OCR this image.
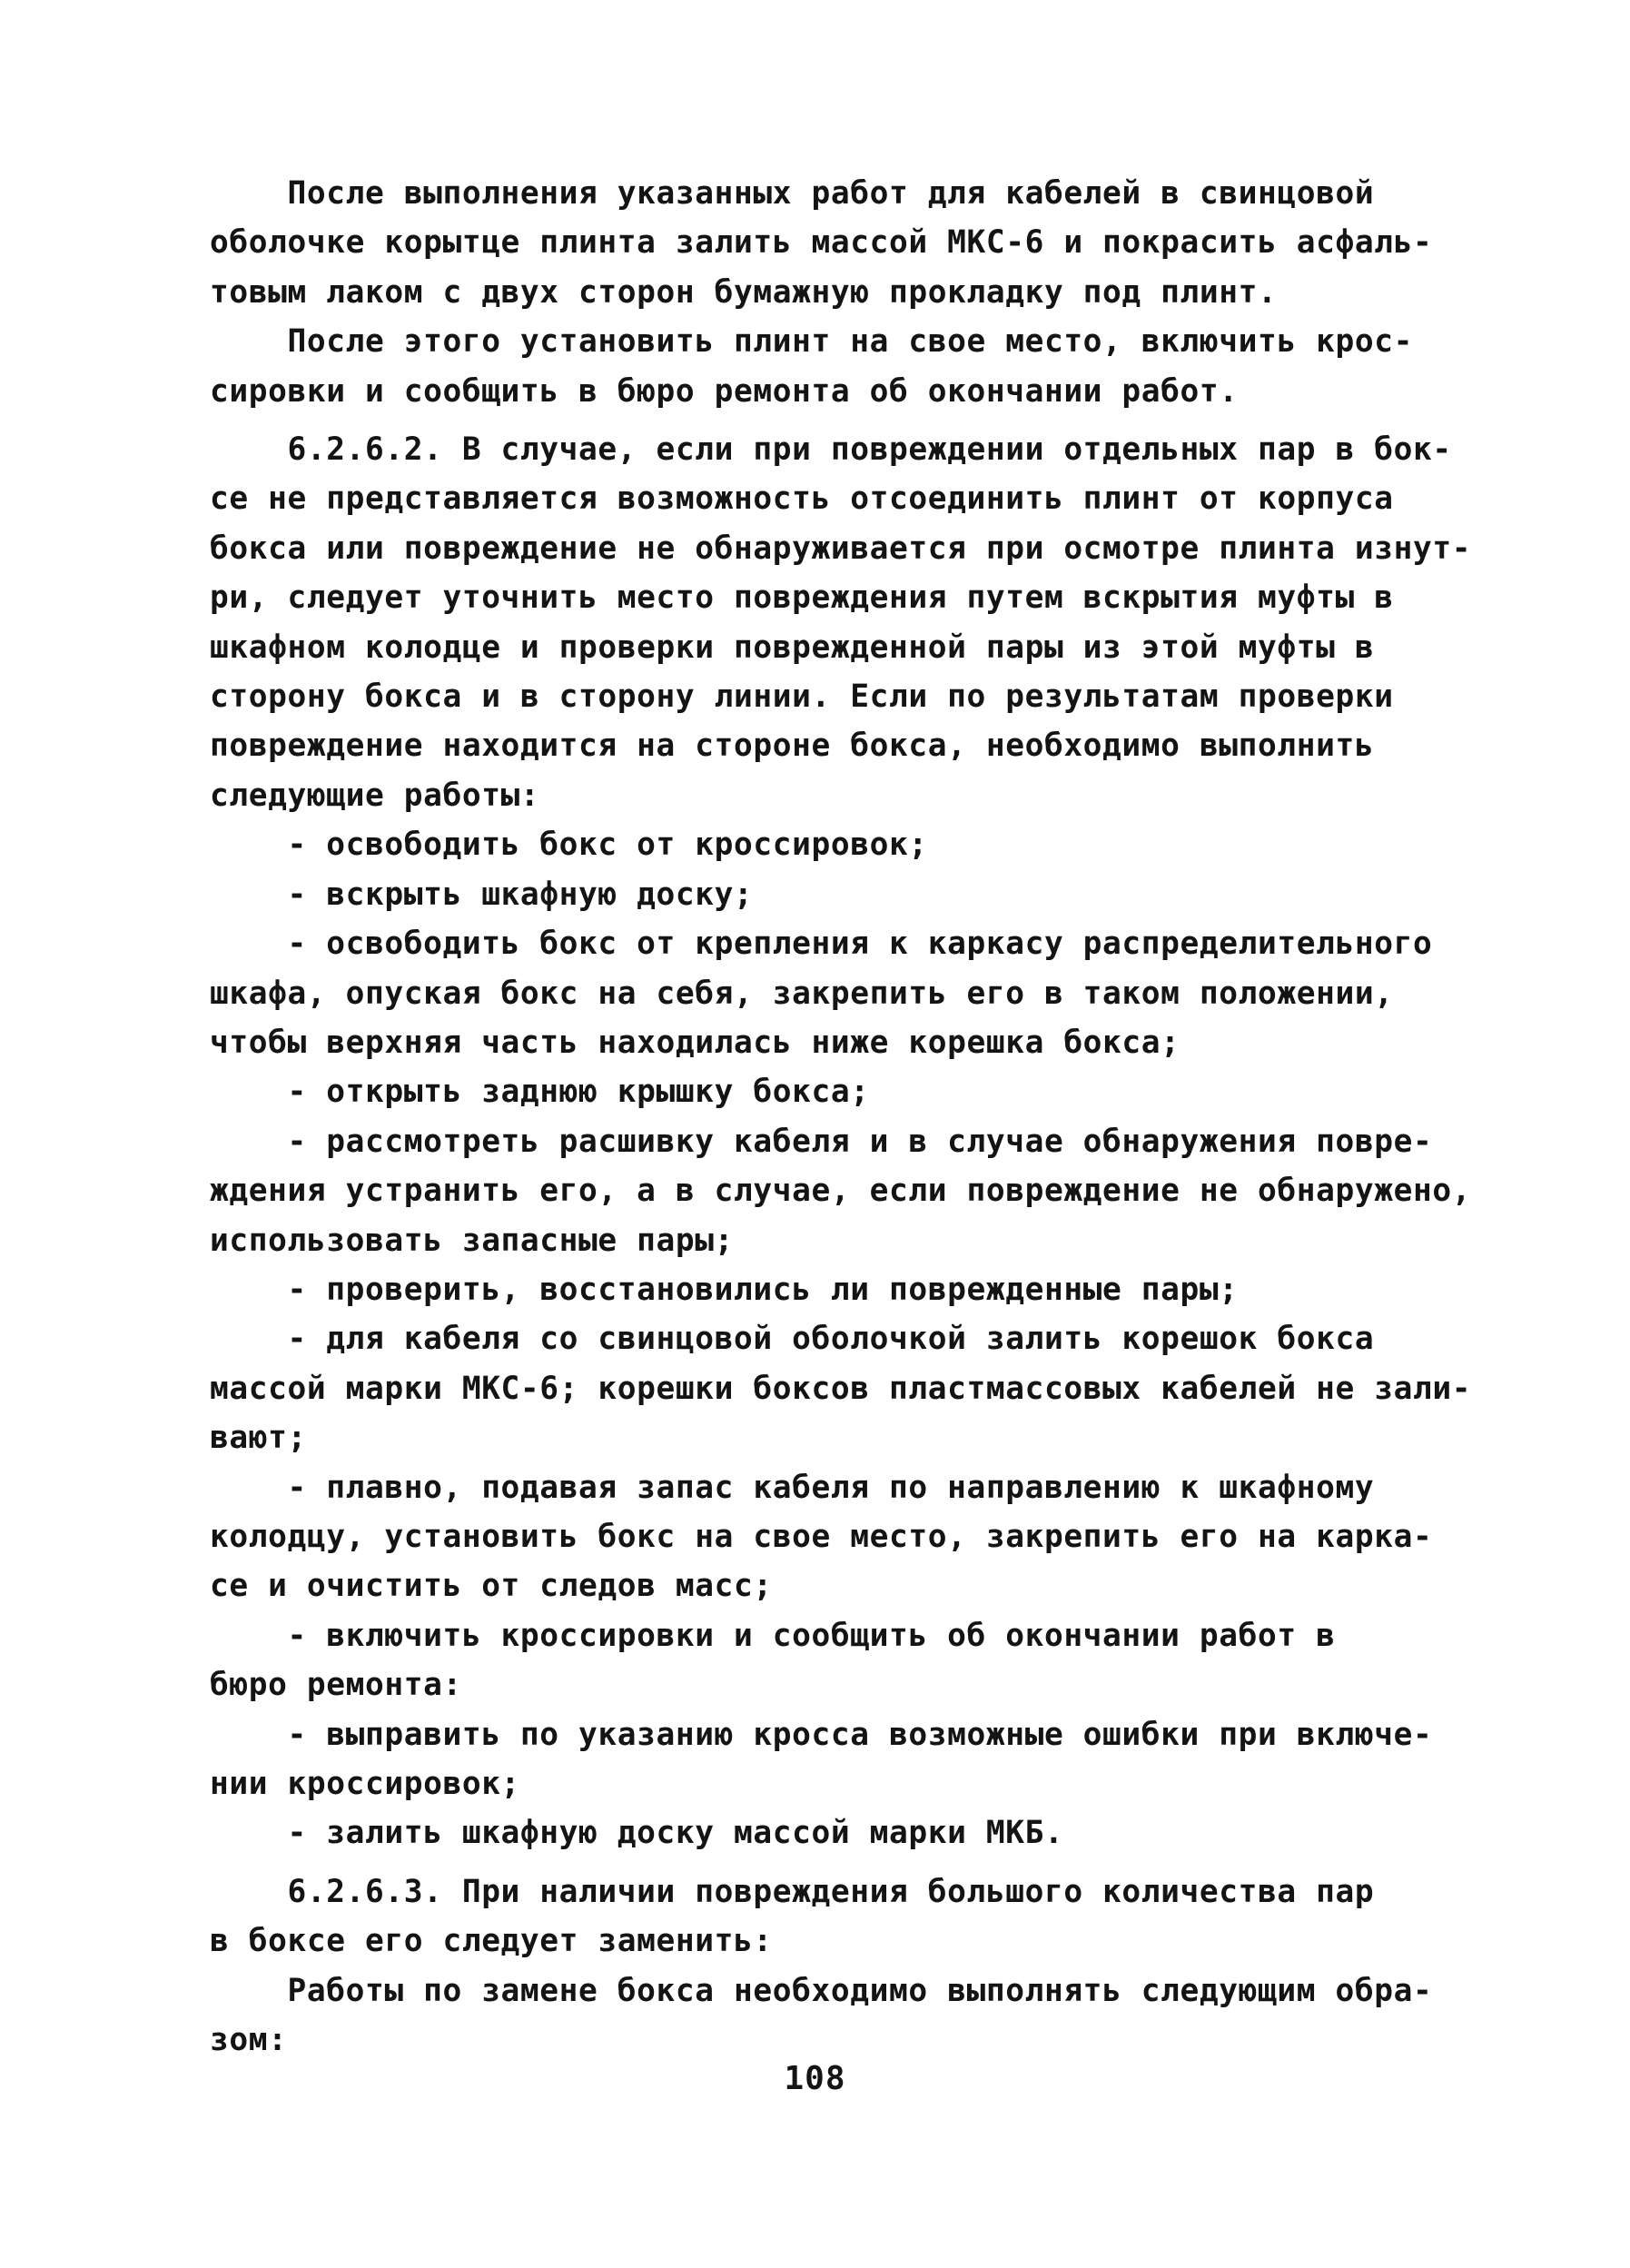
После выполнения указанных работ для кабелей в свинцовой
оболочке корытце плинта залить массой МКС-6 и покрасить асфаль-
товым лаком с двух сторон бумажную прокладку под плинт.
После этого установить плинт на свое место, включить крос-
сировки и сообщить в бюро ремонта об окончании работ.

6.2.6.2. В случае, если при повреждении отдельных пар в бок-
се не представляется возможность отсоединить плинт от корпуса
бокса или повреждение не обнаруживается при осмотре плинта изнут-
ри, следует уточнить место повреждения путем вскрытия муфты в
шкафном колодце и проверки поврежденной пары из этой муфты в
сторону бокса и в сторону линии. Если по результатам проверки
повреждение находится на стороне бокса, необходимо выполнить
следующие работы:
- освободить бокс от кроссировок;
- вскрыть шкафную доску;
- освободить бокс от крепления к каркасу распределительного
шкафа, опуская бокс на себя, закрепить его в таком положении,
чтобы верхняя часть находилась ниже корешка бокса;
- открыть заднюю крышку бокса;
- рассмотреть расшивку кабеля и в случае обнаружения повре-
ждения устранить его, а в случае, если повреждение не обнаружено,
использовать запасные пары;
- проверить, восстановились ли поврежденные пары;
- для кабеля со свинцовой оболочкой залить корешок бокса
массой марки МКС-6; корешки боксов пластмассовых кабелей не зали-
вают;
- плавно, подавая запас кабеля по направлению к шкафному
колодцу, установить бокс на свое место, закрепить его на карка-
се и очистить от следов масс;
- включить кроссировки и сообщить об окончании работ в
бюро ремонта:
- выправить по указанию кросса возможные ошибки при включе-
нии кроссировок;
- залить шкафную доску массой марки МКБ.

6.2.6.3. При наличии повреждения большого количества пар
в боксе его следует заменить:
Работы по замене бокса необходимо выполнять следующим обра-
зом:

108
